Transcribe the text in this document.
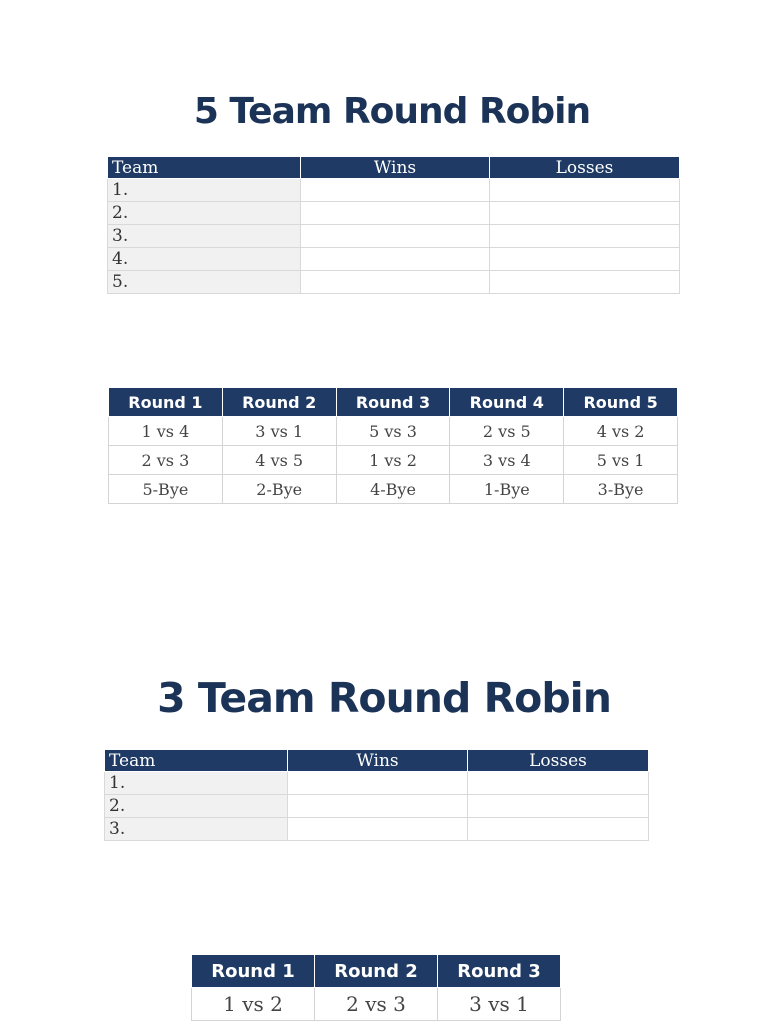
5 Team Round Robin
Team	Wins	Losses
1.		
2.		
3.		
4.		
5.		
Round 1	Round 2	Round 3	Round 4	Round 5
1 vs 4	3 vs 1	5 vs 3	2 vs 5	4 vs 2
2 vs 3	4 vs 5	1 vs 2	3 vs 4	5 vs 1
5-Bye	2-Bye	4-Bye	1-Bye	3-Bye
3 Team Round Robin
Team	Wins	Losses
1.		
2.		
3.		
Round 1	Round 2	Round 3
1 vs 2	2 vs 3	3 vs 1
